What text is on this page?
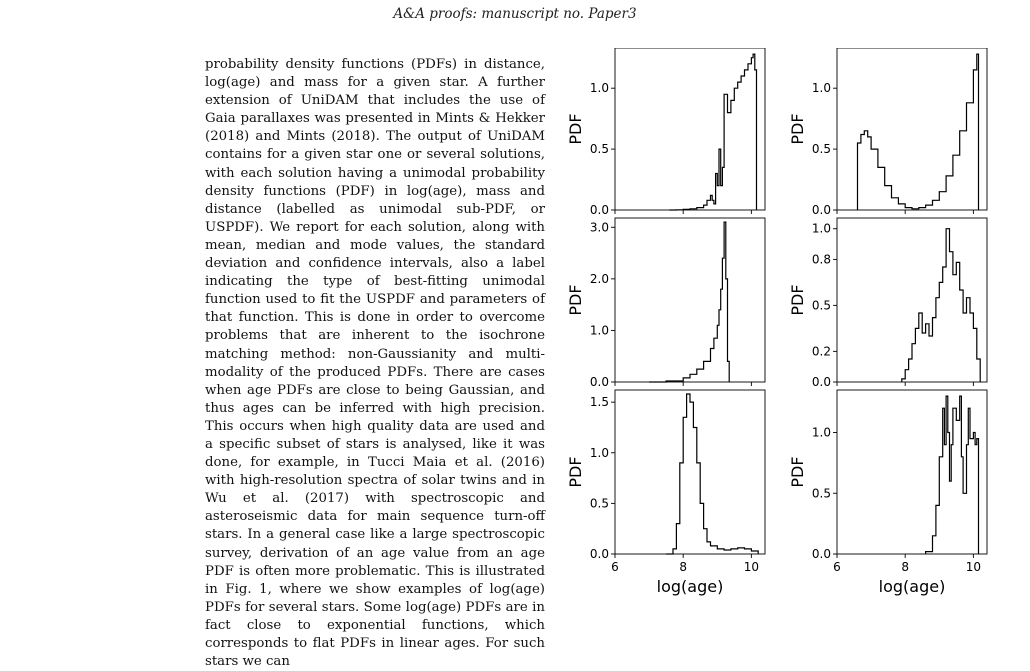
A&A proofs: manuscript no. Paper3

probability density functions (PDFs) in distance, log(age) and mass for a given star. A further extension of UniDAM that includes the use of Gaia parallaxes was presented in Mints & Hekker (2018) and Mints (2018). The output of UniDAM contains for a given star one or several solutions, with each solution having a unimodal probability density functions (PDF) in log(age), mass and distance (labelled as unimodal sub-PDF, or USPDF). We report for each solution, along with mean, median and mode values, the standard deviation and confidence intervals, also a label indicating the type of best-fitting unimodal function used to fit the USPDF and parameters of that function. This is done in order to overcome problems that are inherent to the isochrone matching method: non-Gaussianity and multi-modality of the produced PDFs. There are cases when age PDFs are close to being Gaussian, and thus ages can be inferred with high precision. This occurs when high quality data are used and a specific subset of stars is analysed, like it was done, for example, in Tucci Maia et al. (2016) with high-resolution spectra of solar twins and in Wu et al. (2017) with spectroscopic and asteroseismic data for main sequence turn-off stars. In a general case like a large spectroscopic survey, derivation of an age value from an age PDF is often more problematic. This is illustrated in Fig. 1, where we show examples of log(age) PDFs for several stars. Some log(age) PDFs are in fact close to exponential functions, which corresponds to flat PDFs in linear ages. For such stars we can

0.0
0.5
1.0
PDF
0.0
0.5
1.0
PDF
0.0
1.0
2.0
3.0
PDF
0.0
0.2
0.5
0.8
1.0
PDF
0.0
0.5
1.0
1.5
6	8	10
PDF
log(age)
0.0
0.5
1.0
6	8	10
PDF
log(age)
